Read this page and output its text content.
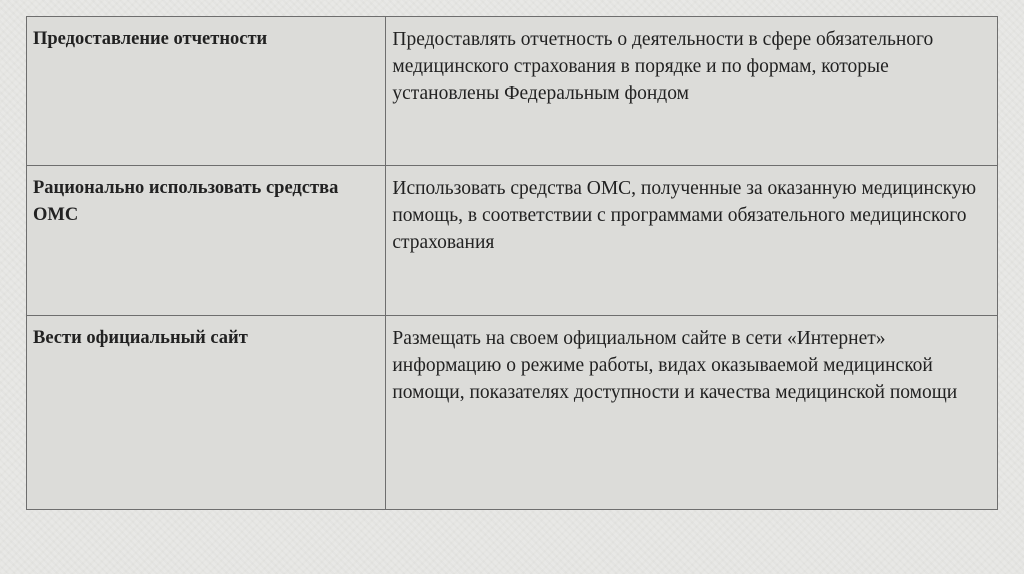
Предоставление отчетности	Предоставлять отчетность о деятельности в сфере обязательного медицинского страхования в порядке и по формам, которые установлены Федеральным фондом
Рационально использовать средства ОМС	Использовать средства ОМС, полученные за оказанную медицинскую помощь, в соответствии с программами обязательного медицинского страхования
Вести официальный сайт	Размещать на своем официальном сайте в сети «Интернет» информацию о режиме работы, видах оказываемой медицинской помощи, показателях доступности и качества медицинской помощи
